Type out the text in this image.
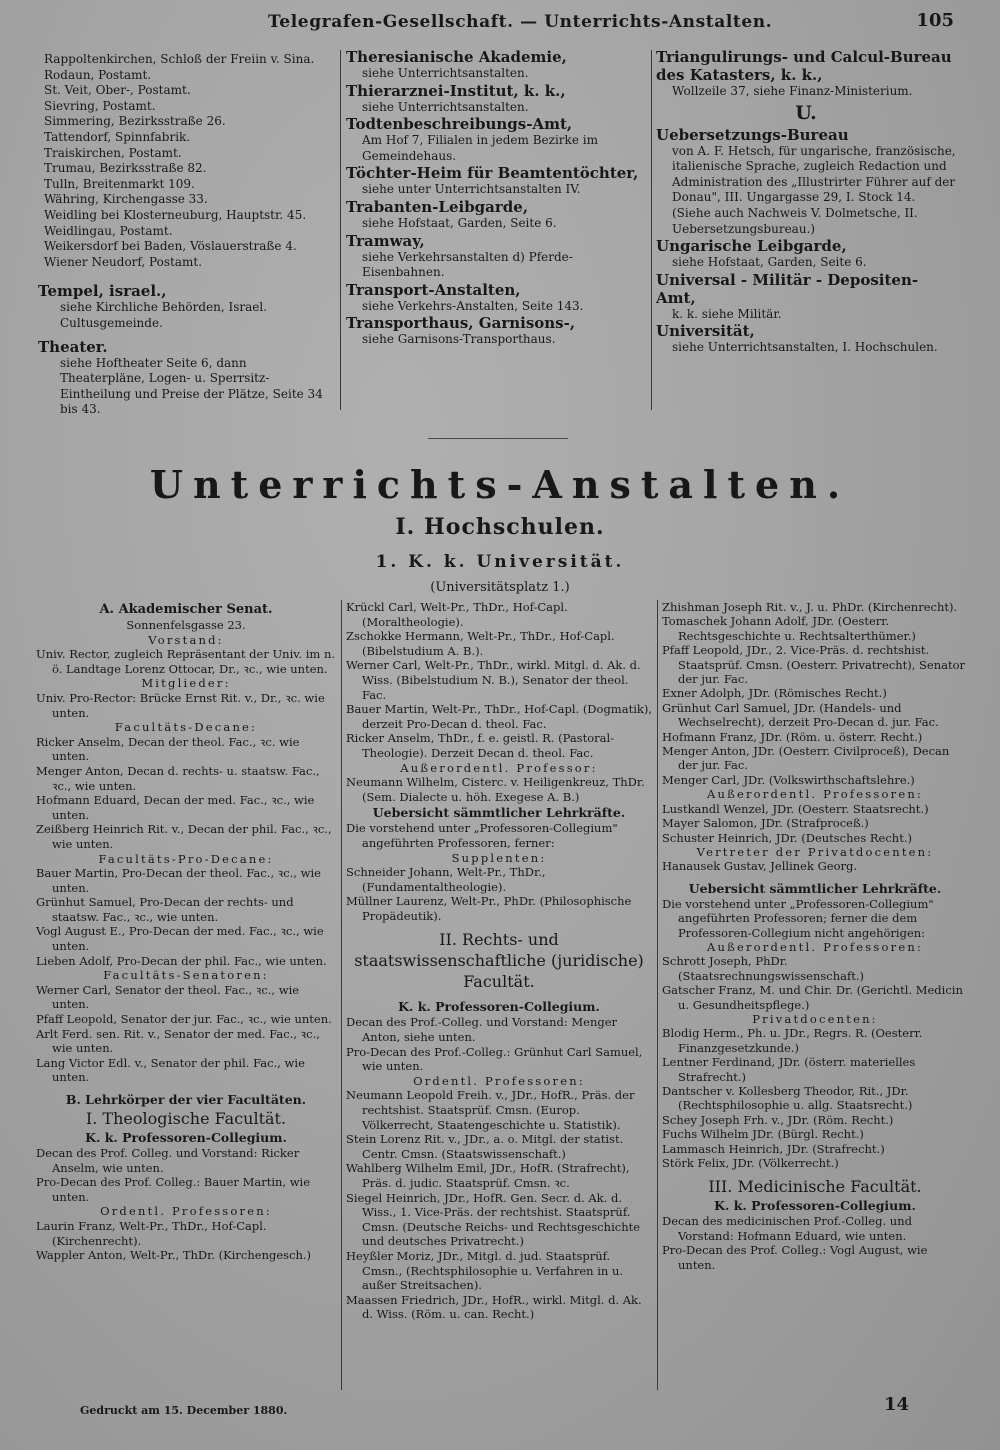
Telegrafen-Gesellschaft. — Unterrichts-Anstalten.	105

Rappoltenkirchen, Schloß der Freiin v. Sina.

Rodaun, Postamt.

St. Veit, Ober-, Postamt.

Sievring, Postamt.

Simmering, Bezirksstraße 26.

Tattendorf, Spinnfabrik.

Traiskirchen, Postamt.

Trumau, Bezirksstraße 82.

Tulln, Breitenmarkt 109.

Währing, Kirchengasse 33.

Weidling bei Klosterneuburg, Hauptstr. 45.

Weidlingau, Postamt.

Weikersdorf bei Baden, Vöslauerstraße 4.

Wiener Neudorf, Postamt.

Tempel, israel.,

siehe Kirchliche Behörden, Israel. Cultusgemeinde.

Theater.

siehe Hoftheater Seite 6, dann Theaterpläne, Logen- u. Sperrsitz-Eintheilung und Preise der Plätze, Seite 34 bis 43.

Theresianische Akademie,

siehe Unterrichtsanstalten.

Thierarznei-Institut, k. k.,

siehe Unterrichtsanstalten.

Todtenbeschreibungs-Amt,

Am Hof 7, Filialen in jedem Bezirke im Gemeindehaus.

Töchter-Heim für Beamtentöchter,

siehe unter Unterrichtsanstalten IV.

Trabanten-Leibgarde,

siehe Hofstaat, Garden, Seite 6.

Tramway,

siehe Verkehrsanstalten d) Pferde-Eisenbahnen.

Transport-Anstalten,

siehe Verkehrs-Anstalten, Seite 143.

Transporthaus, Garnisons-,

siehe Garnisons-Transporthaus.

Triangulirungs- und Calcul-Bureau des Katasters, k. k.,

Wollzeile 37, siehe Finanz-Ministerium.

U.

Uebersetzungs-Bureau

von A. F. Hetsch, für ungarische, französische, italienische Sprache, zugleich Redaction und Administration des „Illustrirter Führer auf der Donau", III. Ungargasse 29, I. Stock 14. (Siehe auch Nachweis V. Dolmetsche, II. Uebersetzungsbureau.)

Ungarische Leibgarde,

siehe Hofstaat, Garden, Seite 6.

Universal - Militär - Depositen-Amt,

k. k. siehe Militär.

Universität,

siehe Unterrichtsanstalten, I. Hochschulen.

Unterrichts-Anstalten.
I. Hochschulen.
1. K. k. Universität.
(Universitätsplatz 1.)

A. Akademischer Senat.

Sonnenfelsgasse 23.

Vorstand:

Univ. Rector, zugleich Repräsentant der Univ. im n. ö. Landtage Lorenz Ottocar, Dr., ꝛc., wie unten.

Mitglieder:

Univ. Pro-Rector: Brücke Ernst Rit. v., Dr., ꝛc. wie unten.

Facultäts-Decane:

Ricker Anselm, Decan der theol. Fac., ꝛc. wie unten.

Menger Anton, Decan d. rechts- u. staatsw. Fac., ꝛc., wie unten.

Hofmann Eduard, Decan der med. Fac., ꝛc., wie unten.

Zeißberg Heinrich Rit. v., Decan der phil. Fac., ꝛc., wie unten.

Facultäts-Pro-Decane:

Bauer Martin, Pro-Decan der theol. Fac., ꝛc., wie unten.

Grünhut Samuel, Pro-Decan der rechts- und staatsw. Fac., ꝛc., wie unten.

Vogl August E., Pro-Decan der med. Fac., ꝛc., wie unten.

Lieben Adolf, Pro-Decan der phil. Fac., wie unten.

Facultäts-Senatoren:

Werner Carl, Senator der theol. Fac., ꝛc., wie unten.

Pfaff Leopold, Senator der jur. Fac., ꝛc., wie unten.

Arlt Ferd. sen. Rit. v., Senator der med. Fac., ꝛc., wie unten.

Lang Victor Edl. v., Senator der phil. Fac., wie unten.

B. Lehrkörper der vier Facultäten.

I. Theologische Facultät.

K. k. Professoren-Collegium.

Decan des Prof. Colleg. und Vorstand: Ricker Anselm, wie unten.

Pro-Decan des Prof. Colleg.: Bauer Martin, wie unten.

Ordentl. Professoren:

Laurin Franz, Welt-Pr., ThDr., Hof-Capl. (Kirchenrecht).

Wappler Anton, Welt-Pr., ThDr. (Kirchengesch.)

Krückl Carl, Welt-Pr., ThDr., Hof-Capl. (Moraltheologie).

Zschokke Hermann, Welt-Pr., ThDr., Hof-Capl. (Bibelstudium A. B.).

Werner Carl, Welt-Pr., ThDr., wirkl. Mitgl. d. Ak. d. Wiss. (Bibelstudium N. B.), Senator der theol. Fac.

Bauer Martin, Welt-Pr., ThDr., Hof-Capl. (Dogmatik), derzeit Pro-Decan d. theol. Fac.

Ricker Anselm, ThDr., f. e. geistl. R. (Pastoral-Theologie). Derzeit Decan d. theol. Fac.

Außerordentl. Professor:

Neumann Wilhelm, Cisterc. v. Heiligenkreuz, ThDr. (Sem. Dialecte u. höh. Exegese A. B.)

Uebersicht sämmtlicher Lehrkräfte.

Die vorstehend unter „Professoren-Collegium" angeführten Professoren, ferner:

Supplenten:

Schneider Johann, Welt-Pr., ThDr., (Fundamentaltheologie).

Müllner Laurenz, Welt-Pr., PhDr. (Philosophische Propädeutik).

II. Rechts- und staatswissenschaftliche (juridische) Facultät.

K. k. Professoren-Collegium.

Decan des Prof.-Colleg. und Vorstand: Menger Anton, siehe unten.

Pro-Decan des Prof.-Colleg.: Grünhut Carl Samuel, wie unten.

Ordentl. Professoren:

Neumann Leopold Freih. v., JDr., HofR., Präs. der rechtshist. Staatsprüf. Cmsn. (Europ. Völkerrecht, Staatengeschichte u. Statistik).

Stein Lorenz Rit. v., JDr., a. o. Mitgl. der statist. Centr. Cmsn. (Staatswissenschaft.)

Wahlberg Wilhelm Emil, JDr., HofR. (Strafrecht), Präs. d. judic. Staatsprüf. Cmsn. ꝛc.

Siegel Heinrich, JDr., HofR. Gen. Secr. d. Ak. d. Wiss., 1. Vice-Präs. der rechtshist. Staatsprüf. Cmsn. (Deutsche Reichs- und Rechtsgeschichte und deutsches Privatrecht.)

Heyßler Moriz, JDr., Mitgl. d. jud. Staatsprüf. Cmsn., (Rechtsphilosophie u. Verfahren in u. außer Streitsachen).

Maassen Friedrich, JDr., HofR., wirkl. Mitgl. d. Ak. d. Wiss. (Röm. u. can. Recht.)

Zhishman Joseph Rit. v., J. u. PhDr. (Kirchenrecht).

Tomaschek Johann Adolf, JDr. (Oesterr. Rechtsgeschichte u. Rechtsalterthümer.)

Pfaff Leopold, JDr., 2. Vice-Präs. d. rechtshist. Staatsprüf. Cmsn. (Oesterr. Privatrecht), Senator der jur. Fac.

Exner Adolph, JDr. (Römisches Recht.)

Grünhut Carl Samuel, JDr. (Handels- und Wechselrecht), derzeit Pro-Decan d. jur. Fac.

Hofmann Franz, JDr. (Röm. u. österr. Recht.)

Menger Anton, JDr. (Oesterr. Civilproceß), Decan der jur. Fac.

Menger Carl, JDr. (Volkswirthschaftslehre.)

Außerordentl. Professoren:

Lustkandl Wenzel, JDr. (Oesterr. Staatsrecht.)

Mayer Salomon, JDr. (Strafproceß.)

Schuster Heinrich, JDr. (Deutsches Recht.)

Vertreter der Privatdocenten:

Hanausek Gustav, Jellinek Georg.

Uebersicht sämmtlicher Lehrkräfte.

Die vorstehend unter „Professoren-Collegium" angeführten Professoren; ferner die dem Professoren-Collegium nicht angehörigen:

Außerordentl. Professoren:

Schrott Joseph, PhDr. (Staatsrechnungswissenschaft.)

Gatscher Franz, M. und Chir. Dr. (Gerichtl. Medicin u. Gesundheitspflege.)

Privatdocenten:

Blodig Herm., Ph. u. JDr., Regrs. R. (Oesterr. Finanzgesetzkunde.)

Lentner Ferdinand, JDr. (österr. materielles Strafrecht.)

Dantscher v. Kollesberg Theodor, Rit., JDr. (Rechtsphilosophie u. allg. Staatsrecht.)

Schey Joseph Frh. v., JDr. (Röm. Recht.)

Fuchs Wilhelm JDr. (Bürgl. Recht.)

Lammasch Heinrich, JDr. (Strafrecht.)

Störk Felix, JDr. (Völkerrecht.)

III. Medicinische Facultät.

K. k. Professoren-Collegium.

Decan des medicinischen Prof.-Colleg. und Vorstand: Hofmann Eduard, wie unten.

Pro-Decan des Prof. Colleg.: Vogl August, wie unten.

Gedruckt am 15. December 1880.	14
